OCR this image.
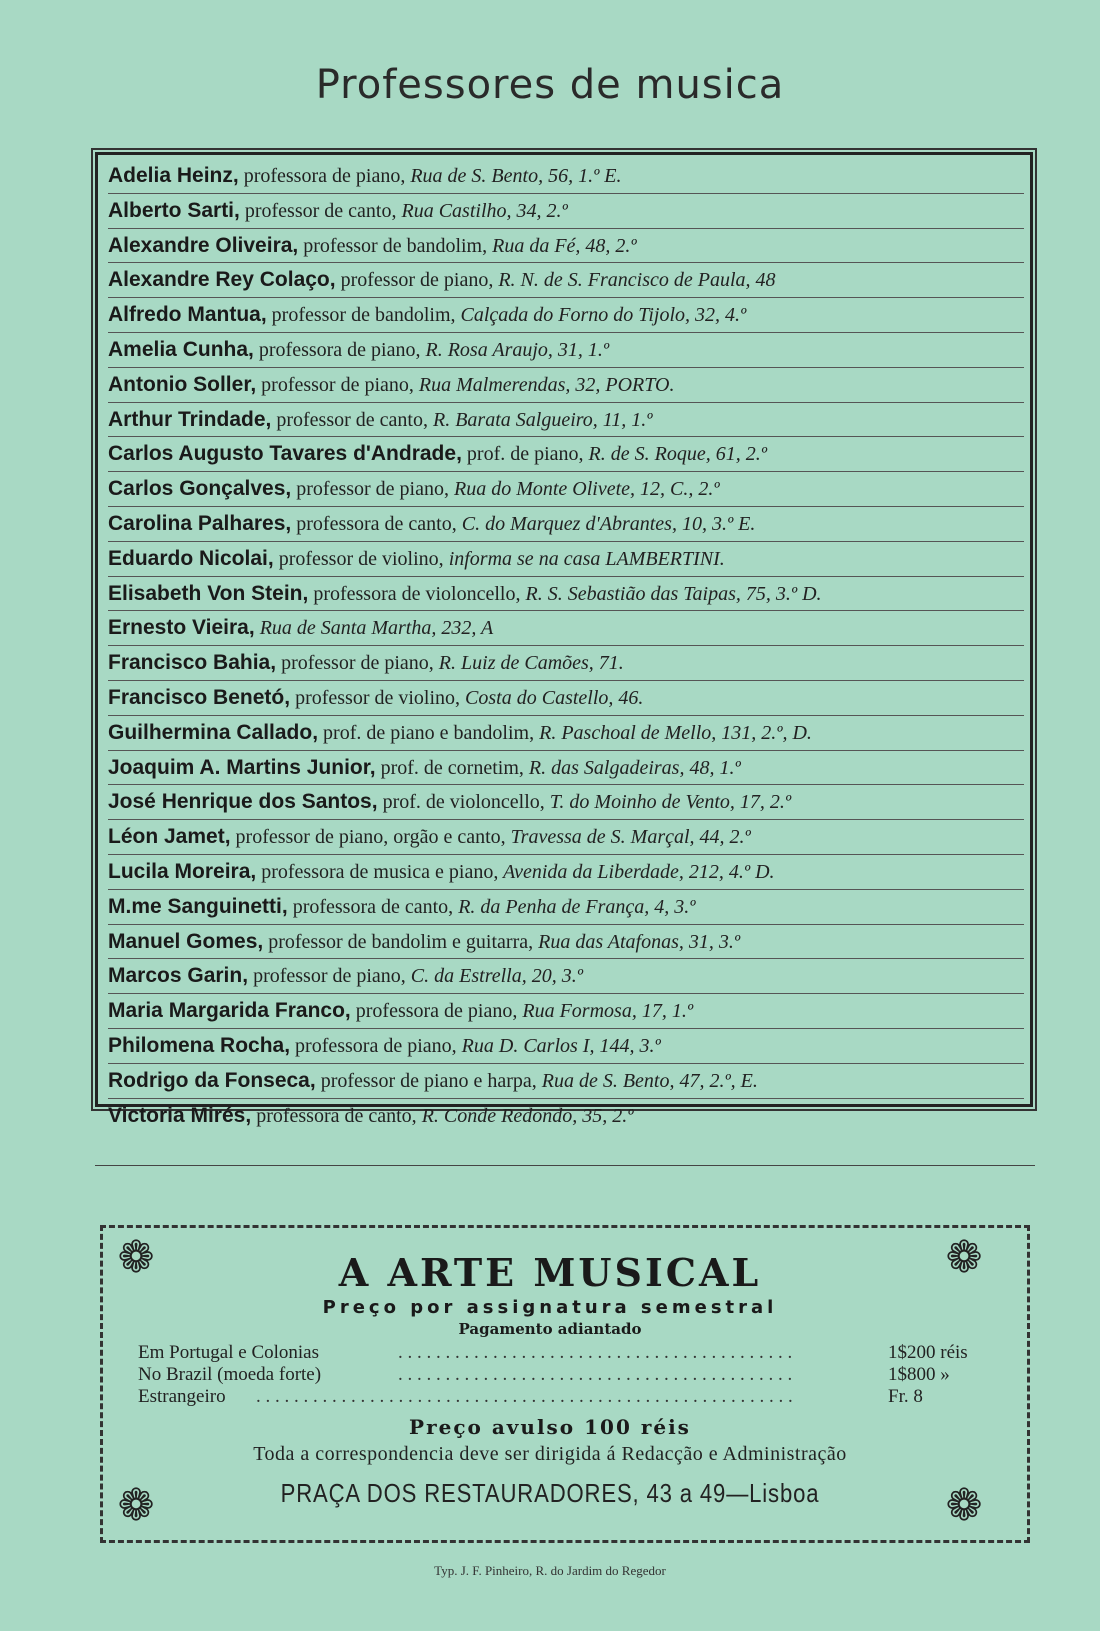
Professores de musica
Adelia Heinz, professora de piano, Rua de S. Bento, 56, 1.º E.
Alberto Sarti, professor de canto, Rua Castilho, 34, 2.º
Alexandre Oliveira, professor de bandolim, Rua da Fé, 48, 2.º
Alexandre Rey Colaço, professor de piano, R. N. de S. Francisco de Paula, 48
Alfredo Mantua, professor de bandolim, Calçada do Forno do Tijolo, 32, 4.º
Amelia Cunha, professora de piano, R. Rosa Araujo, 31, 1.º
Antonio Soller, professor de piano, Rua Malmerendas, 32, PORTO.
Arthur Trindade, professor de canto, R. Barata Salgueiro, 11, 1.º
Carlos Augusto Tavares d'Andrade, prof. de piano, R. de S. Roque, 61, 2.º
Carlos Gonçalves, professor de piano, Rua do Monte Olivete, 12, C., 2.º
Carolina Palhares, professora de canto, C. do Marquez d'Abrantes, 10, 3.º E.
Eduardo Nicolai, professor de violino, informa se na casa LAMBERTINI.
Elisabeth Von Stein, professora de violoncello, R. S. Sebastião das Taipas, 75, 3.º D.
Ernesto Vieira, Rua de Santa Martha, 232, A
Francisco Bahia, professor de piano, R. Luiz de Camões, 71.
Francisco Benetó, professor de violino, Costa do Castello, 46.
Guilhermina Callado, prof. de piano e bandolim, R. Paschoal de Mello, 131, 2.º, D.
Joaquim A. Martins Junior, prof. de cornetim, R. das Salgadeiras, 48, 1.º
José Henrique dos Santos, prof. de violoncello, T. do Moinho de Vento, 17, 2.º
Léon Jamet, professor de piano, orgão e canto, Travessa de S. Marçal, 44, 2.º
Lucila Moreira, professora de musica e piano, Avenida da Liberdade, 212, 4.º D.
M.me Sanguinetti, professora de canto, R. da Penha de França, 4, 3.º
Manuel Gomes, professor de bandolim e guitarra, Rua das Atafonas, 31, 3.º
Marcos Garin, professor de piano, C. da Estrella, 20, 3.º
Maria Margarida Franco, professora de piano, Rua Formosa, 17, 1.º
Philomena Rocha, professora de piano, Rua D. Carlos I, 144, 3.º
Rodrigo da Fonseca, professor de piano e harpa, Rua de S. Bento, 47, 2.º, E.
Victoria Mirés, professora de canto, R. Conde Redondo, 35, 2.º
❁	❁
❁	❁
A ARTE MUSICAL
Preço por assignatura semestral
Pagamento adiantado
Em Portugal e Colonias	. . . . . . . . . . . . . . . . . . . . . . . . . . . . . . . . . . . . . . . . . .	1$200 réis
No Brazil (moeda forte)	. . . . . . . . . . . . . . . . . . . . . . . . . . . . . . . . . . . . . . . . . .	1$800 »
Estrangeiro . . . . . . . . . . . . . . . . . . . . . . . . . . . . . . . . . . . . . . . . . . . . . . . . . . . . . . . . .	Fr. 8
Preço avulso 100 réis
Toda a correspondencia deve ser dirigida á Redacção e Administração
PRAÇA DOS RESTAURADORES, 43 a 49—Lisboa
Typ. J. F. Pinheiro, R. do Jardim do Regedor
